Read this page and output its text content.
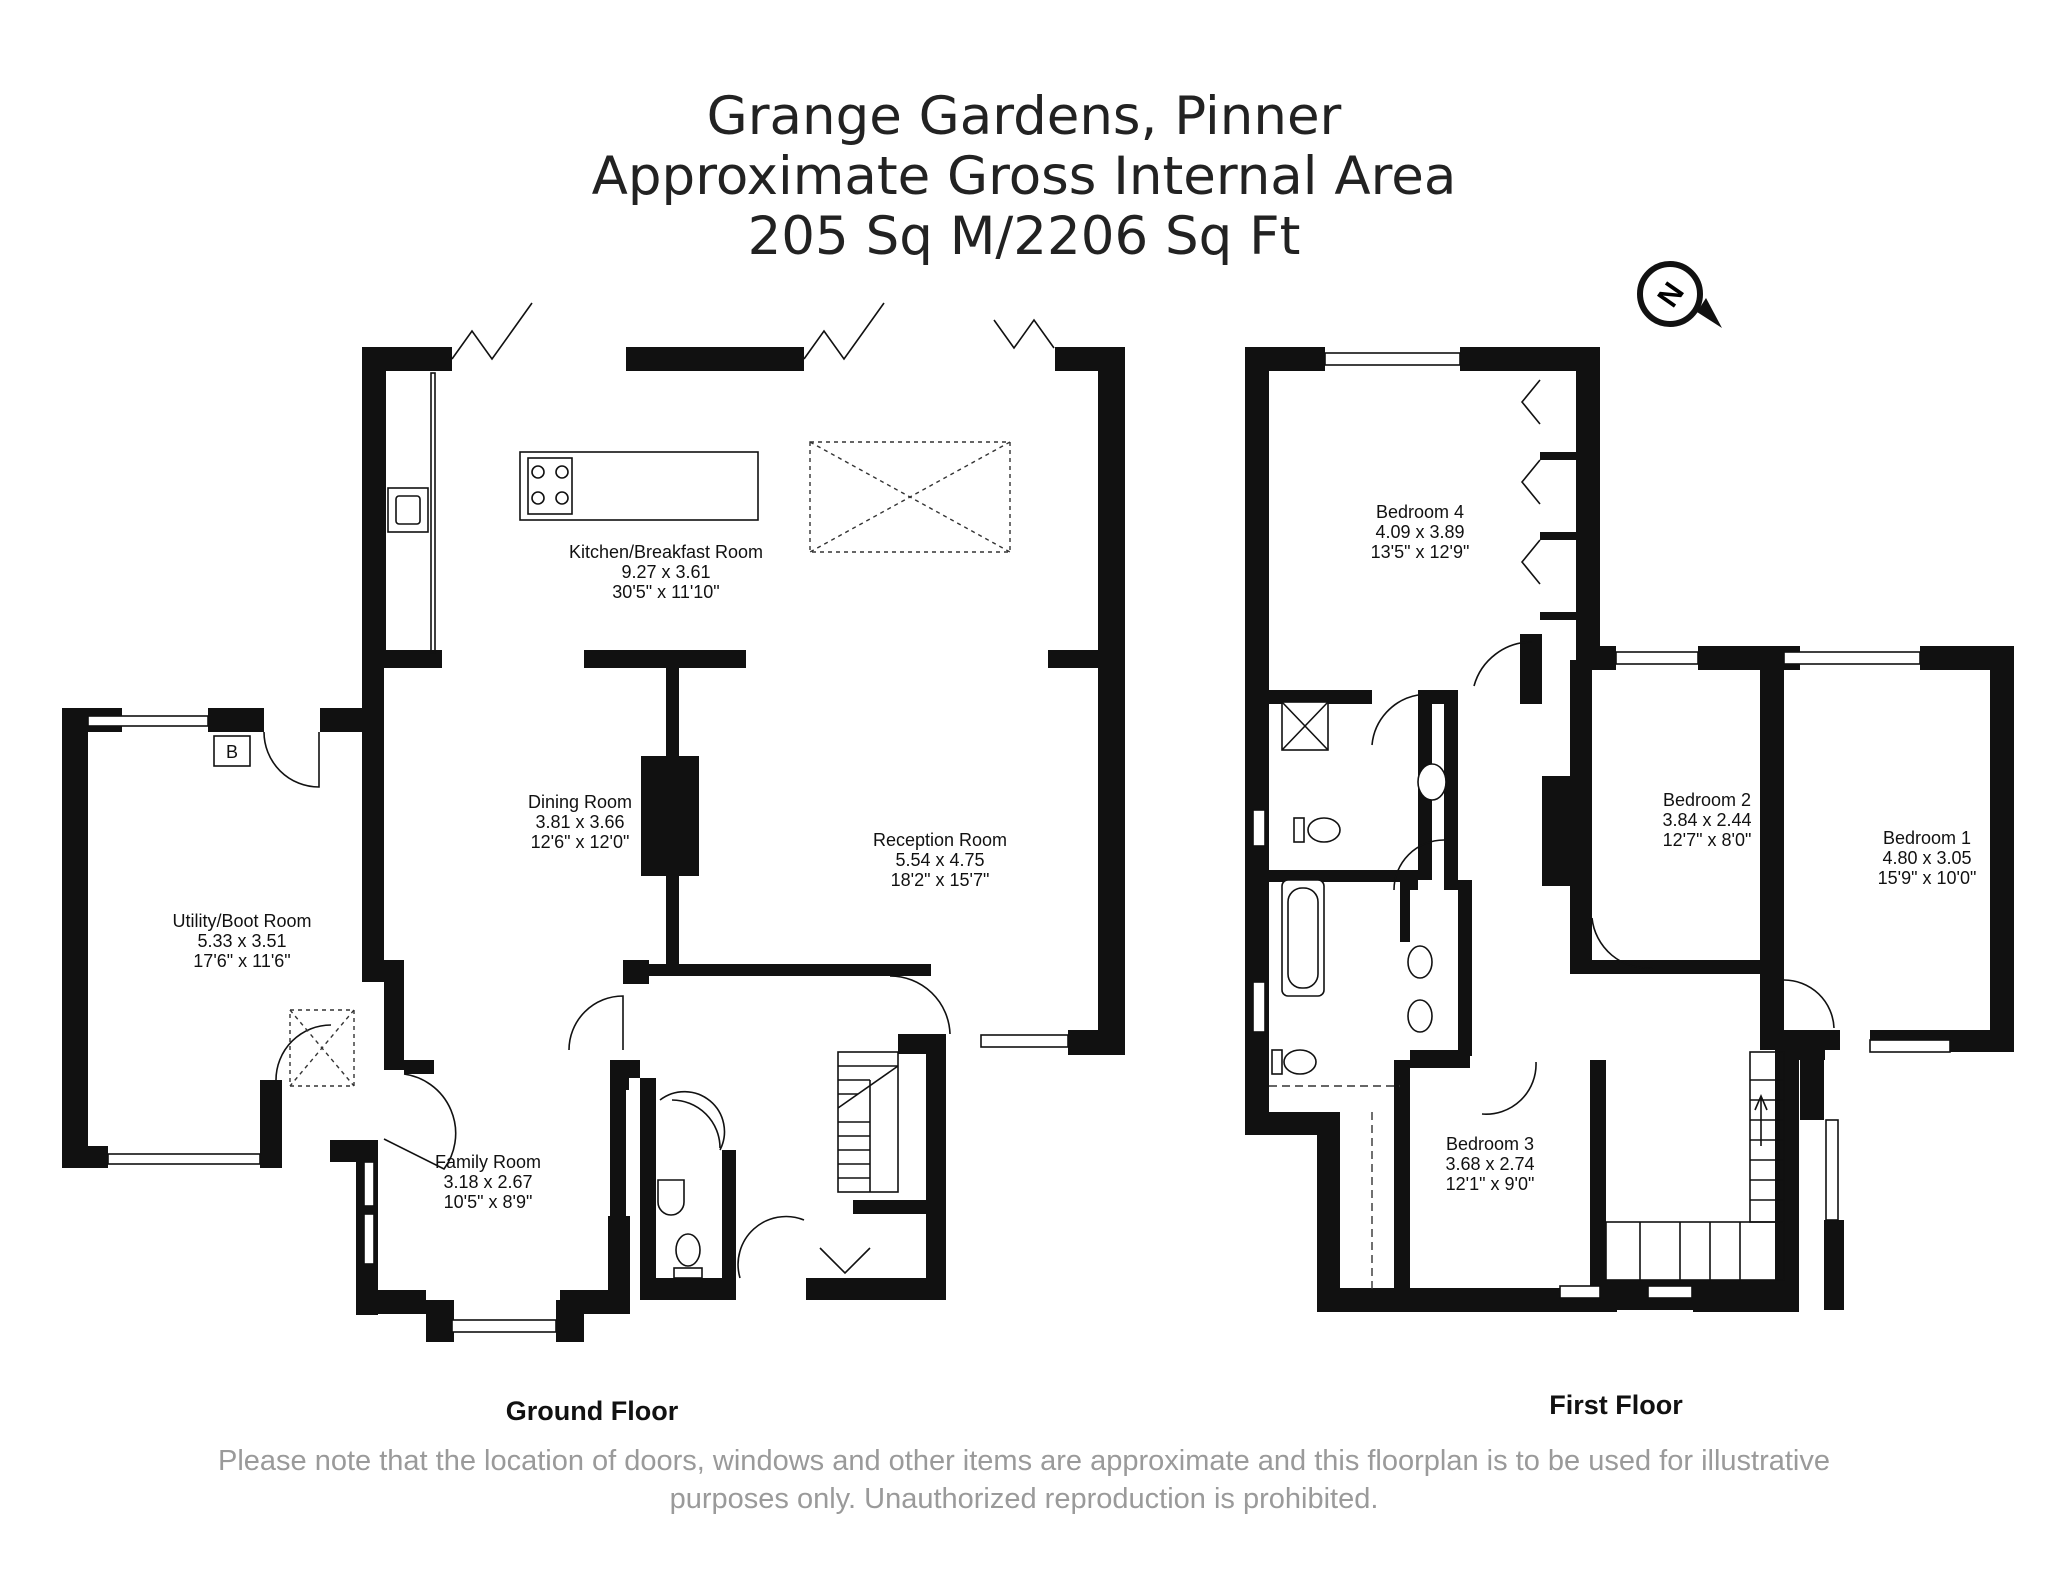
Grange Gardens, Pinner
Approximate Gross Internal Area
205 Sq M/2206 Sq Ft
N
B
Kitchen/Breakfast Room
9.27 x 3.61
30'5" x 11'10"
Dining Room
3.81 x 3.66
12'6" x 12'0"	Reception Room
5.54 x 4.75
18'2" x 15'7"
Utility/Boot Room
5.33 x 3.51
17'6" x 11'6"
Family Room
3.18 x 2.67
10'5" x 8'9"
Bedroom 4
4.09 x 3.89
13'5" x 12'9"
Bedroom 2
3.84 x 2.44
12'7" x 8'0"	Bedroom 1
4.80 x 3.05
15'9" x 10'0"
Bedroom 3
3.68 x 2.74
12'1" x 9'0"
Ground Floor	First Floor
Please note that the location of doors, windows and other items are approximate and this floorplan is to be used for illustrative
purposes only. Unauthorized reproduction is prohibited.
